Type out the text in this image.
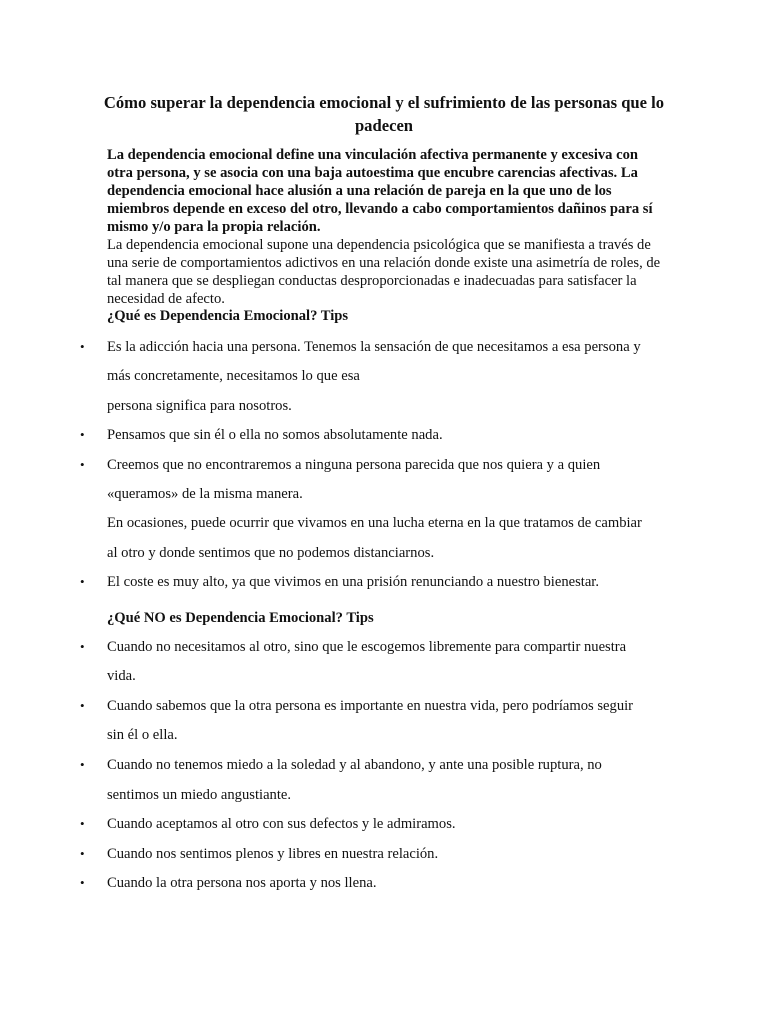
Cómo superar la dependencia emocional y el sufrimiento de las personas que lo padecen
La dependencia emocional define una vinculación afectiva permanente y excesiva con otra persona, y se asocia con una baja autoestima que encubre carencias afectivas. La dependencia emocional hace alusión a una relación de pareja en la que uno de los miembros depende en exceso del otro, llevando a cabo comportamientos dañinos para sí mismo y/o para la propia relación.
La dependencia emocional supone una dependencia psicológica que se manifiesta a través de una serie de comportamientos adictivos en una relación donde existe una asimetría de roles, de tal manera que se despliegan conductas desproporcionadas e inadecuadas para satisfacer la necesidad de afecto.
¿Qué es Dependencia Emocional? Tips
• Es la adicción hacia una persona. Tenemos la sensación de que necesitamos a esa persona y
más concretamente, necesitamos lo que esa
persona significa para nosotros.
• Pensamos que sin él o ella no somos absolutamente nada.
• Creemos que no encontraremos a ninguna persona parecida que nos quiera y a quien
«queramos» de la misma manera.
En ocasiones, puede ocurrir que vivamos en una lucha eterna en la que tratamos de cambiar
al otro y donde sentimos que no podemos distanciarnos.
• El coste es muy alto, ya que vivimos en una prisión renunciando a nuestro bienestar.
¿Qué NO es Dependencia Emocional? Tips
• Cuando no necesitamos al otro, sino que le escogemos libremente para compartir nuestra
vida.
• Cuando sabemos que la otra persona es importante en nuestra vida, pero podríamos seguir
sin él o ella.
• Cuando no tenemos miedo a la soledad y al abandono, y ante una posible ruptura, no
sentimos un miedo angustiante.
• Cuando aceptamos al otro con sus defectos y le admiramos.
• Cuando nos sentimos plenos y libres en nuestra relación.
• Cuando la otra persona nos aporta y nos llena.
